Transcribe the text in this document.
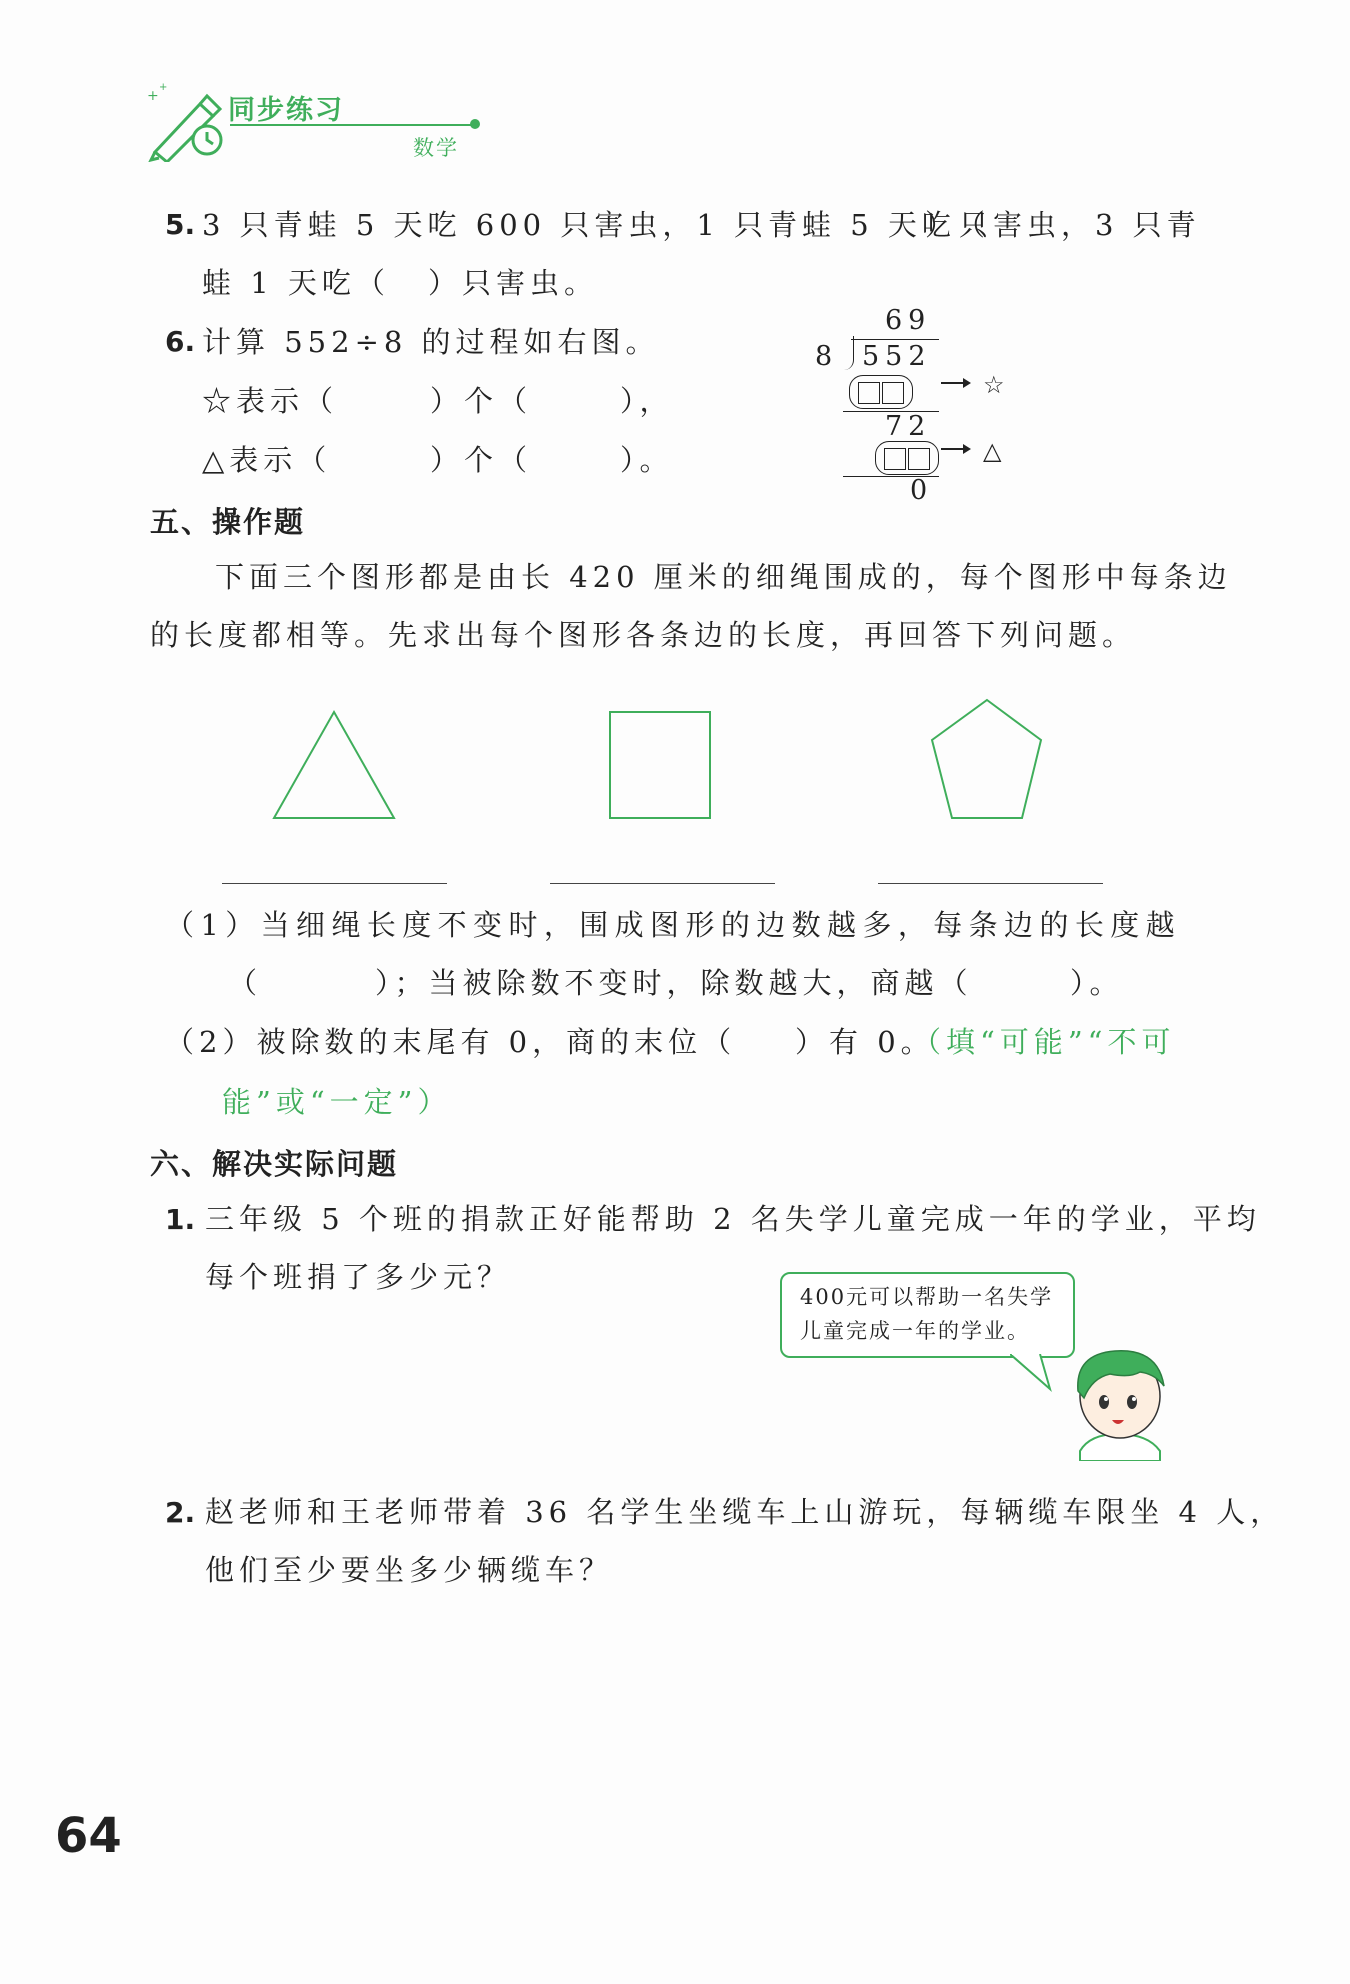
+
+
同步练习
数学
5. 3 只青蛙 5 天吃 600 只害虫，1 只青蛙 5 天吃（
）只害虫，3 只青
蛙 1 天吃（ ）只害虫。
6. 计算 552÷8 的过程如右图。
☆表示（	）个（	），
△表示（	）个（	）。
69
8 552
☆
72
△
0
五、操作题
下面三个图形都是由长 420 厘米的细绳围成的，每个图形中每条边
的长度都相等。先求出每个图形各条边的长度，再回答下列问题。
（1）当细绳长度不变时，围成图形的边数越多，每条边的长度越
（	）；当被除数不变时，除数越大，商越（	）。
（2）被除数的末尾有 0，商的末位（ ）有 0。
（填“可能”“不可
能”或“一定”）
六、解决实际问题
1. 三年级 5 个班的捐款正好能帮助 2 名失学儿童完成一年的学业，平均
每个班捐了多少元？
400元可以帮助一名失学
儿童完成一年的学业。
2. 赵老师和王老师带着 36 名学生坐缆车上山游玩，每辆缆车限坐 4 人，
他们至少要坐多少辆缆车？
64
